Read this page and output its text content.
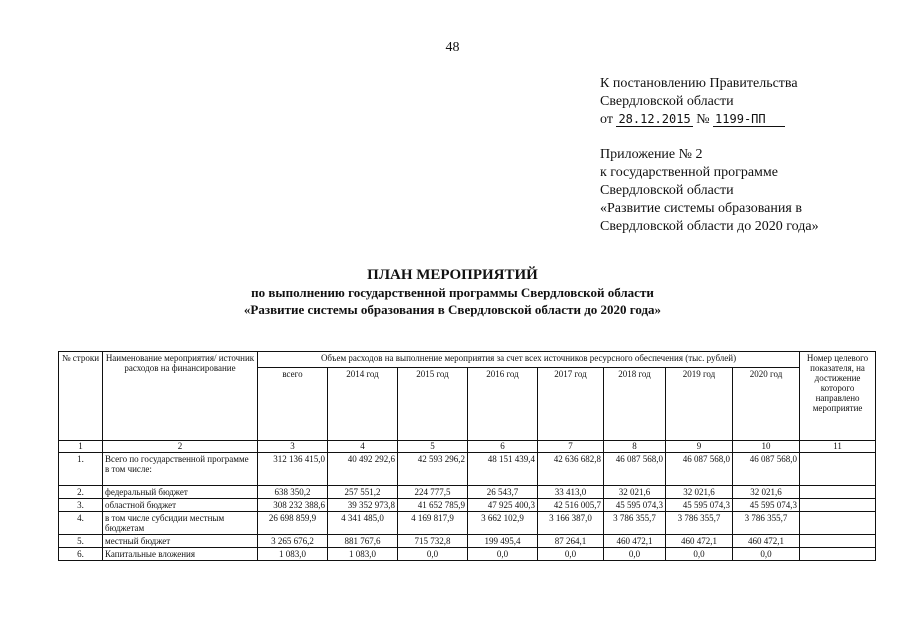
48
К постановлению Правительства
Свердловской области
от 28.12.2015 № 1199-ПП
Приложение № 2
к государственной программе
Свердловской области
«Развитие системы образования в
Свердловской области до 2020 года»
ПЛАН МЕРОПРИЯТИЙ
по выполнению государственной программы Свердловской области
«Развитие системы образования в Свердловской области до 2020 года»
№ строки	Наименование мероприятия/ источник расходов на финансирование	Объем расходов на выполнение мероприятия за счет всех источников ресурсного обеспечения (тыс. рублей)								Номер целевого показателя, на достижение которого направлено мероприятие
		всего	2014 год	2015 год	2016 год	2017 год	2018 год	2019 год	2020 год	
1	2	3	4	5	6	7	8	9	10	11
1.	Всего по государственной программе в том числе:	312 136 415,0	40 492 292,6	42 593 296,2	48 151 439,4	42 636 682,8	46 087 568,0	46 087 568,0	46 087 568,0	
2.	федеральный бюджет	638 350,2	257 551,2	224 777,5	26 543,7	33 413,0	32 021,6	32 021,6	32 021,6	
3.	областной бюджет	308 232 388,6	39 352 973,8	41 652 785,9	47 925 400,3	42 516 005,7	45 595 074,3	45 595 074,3	45 595 074,3	
4.	в том числе субсидии местным бюджетам	26 698 859,9	4 341 485,0	4 169 817,9	3 662 102,9	3 166 387,0	3 786 355,7	3 786 355,7	3 786 355,7	
5.	местный бюджет	3 265 676,2	881 767,6	715 732,8	199 495,4	87 264,1	460 472,1	460 472,1	460 472,1	
6.	Капитальные вложения	1 083,0	1 083,0	0,0	0,0	0,0	0,0	0,0	0,0	
